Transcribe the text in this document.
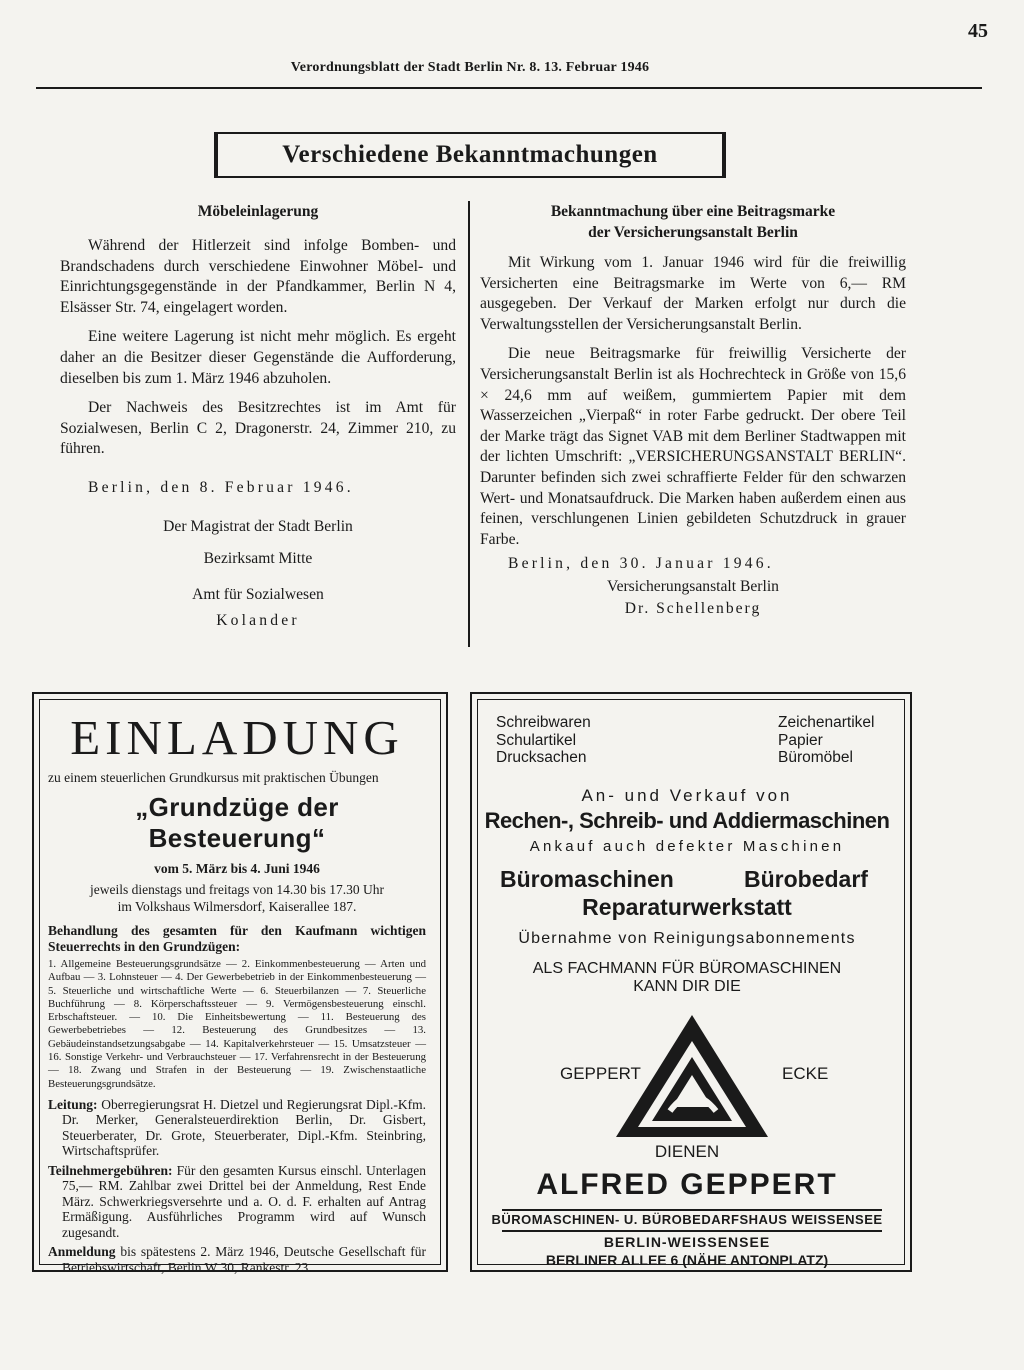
45
Verordnungsblatt der Stadt Berlin Nr. 8. 13. Februar 1946
Verschiedene Bekanntmachungen
Möbeleinlagerung

Während der Hitlerzeit sind infolge Bomben- und Brandschadens durch verschiedene Einwohner Möbel- und Einrichtungsgegenstände in der Pfandkammer, Berlin N 4, Elsässer Str. 74, eingelagert worden.

Eine weitere Lagerung ist nicht mehr möglich. Es ergeht daher an die Besitzer dieser Gegenstände die Aufforderung, dieselben bis zum 1. März 1946 abzuholen.

Der Nachweis des Besitzrechtes ist im Amt für Sozialwesen, Berlin C 2, Dragonerstr. 24, Zimmer 210, zu führen.

Berlin, den 8. Februar 1946.

Der Magistrat der Stadt Berlin
Bezirksamt Mitte
Amt für Sozialwesen
Kolander
Bekanntmachung über eine Beitragsmarke
der Versicherungsanstalt Berlin

Mit Wirkung vom 1. Januar 1946 wird für die freiwillig Versicherten eine Beitragsmarke im Werte von 6,— RM ausgegeben. Der Verkauf der Marken erfolgt nur durch die Verwaltungsstellen der Versicherungsanstalt Berlin.

Die neue Beitragsmarke für freiwillig Versicherte der Versicherungsanstalt Berlin ist als Hochrechteck in Größe von 15,6 × 24,6 mm auf weißem, gummiertem Papier mit dem Wasserzeichen „Vierpaß“ in roter Farbe gedruckt. Der obere Teil der Marke trägt das Signet VAB mit dem Berliner Stadtwappen mit der lichten Umschrift: „VERSICHERUNGSANSTALT BERLIN“. Darunter befinden sich zwei schraffierte Felder für den schwarzen Wert- und Monatsaufdruck. Die Marken haben außerdem einen aus feinen, verschlungenen Linien gebildeten Schutzdruck in grauer Farbe.

Berlin, den 30. Januar 1946.

Versicherungsanstalt Berlin
Dr. Schellenberg
EINLADUNG
zu einem steuerlichen Grundkursus mit praktischen Übungen
„Grundzüge der Besteuerung“
vom 5. März bis 4. Juni 1946
jeweils dienstags und freitags von 14.30 bis 17.30 Uhr
im Volkshaus Wilmersdorf, Kaiserallee 187.
Behandlung des gesamten für den Kaufmann wichtigen Steuerrechts in den Grundzügen:
1. Allgemeine Besteuerungsgrundsätze — 2. Einkommenbesteuerung — Arten und Aufbau — 3. Lohnsteuer — 4. Der Gewerbebetrieb in der Einkommenbesteuerung — 5. Steuerliche und wirtschaftliche Werte — 6. Steuerbilanzen — 7. Steuerliche Buchführung — 8. Körperschaftssteuer — 9. Vermögensbesteuerung einschl. Erbschaftsteuer. — 10. Die Einheitsbewertung — 11. Besteuerung des Gewerbebetriebes — 12. Besteuerung des Grundbesitzes — 13. Gebäudeinstandsetzungsabgabe — 14. Kapitalverkehrsteuer — 15. Umsatzsteuer — 16. Sonstige Verkehr- und Verbrauchsteuer — 17. Verfahrensrecht in der Besteuerung — 18. Zwang und Strafen in der Besteuerung — 19. Zwischenstaatliche Besteuerungsgrundsätze.
Leitung: Oberregierungsrat H. Dietzel und Regierungsrat Dipl.-Kfm. Dr. Merker, Generalsteuerdirektion Berlin, Dr. Gisbert, Steuerberater, Dr. Grote, Steuerberater, Dipl.-Kfm. Steinbring, Wirtschaftsprüfer.
Teilnehmergebühren: Für den gesamten Kursus einschl. Unterlagen 75,— RM. Zahlbar zwei Drittel bei der Anmeldung, Rest Ende März. Schwerkriegsversehrte und a. O. d. F. erhalten auf Antrag Ermäßigung. Ausführliches Programm wird auf Wunsch zugesandt.
Anmeldung bis spätestens 2. März 1946, Deutsche Gesellschaft für Betriebswirtschaft, Berlin W 30, Rankestr. 23.
Schreibwaren
Schulartikel
Drucksachen
Zeichenartikel
Papier
Büromöbel
An- und Verkauf von
Rechen-, Schreib- und Addiermaschinen
Ankauf auch defekter Maschinen
Büromaschinen	Bürobedarf
Reparaturwerkstatt
Übernahme von Reinigungsabonnements
ALS FACHMANN FÜR BÜROMASCHINEN
KANN DIR DIE
GEPPERT	ECKE
DIENEN
ALFRED GEPPERT
BÜROMASCHINEN- U. BÜROBEDARFSHAUS WEISSENSEE
BERLIN-WEISSENSEE
BERLINER ALLEE 6 (NÄHE ANTONPLATZ)
